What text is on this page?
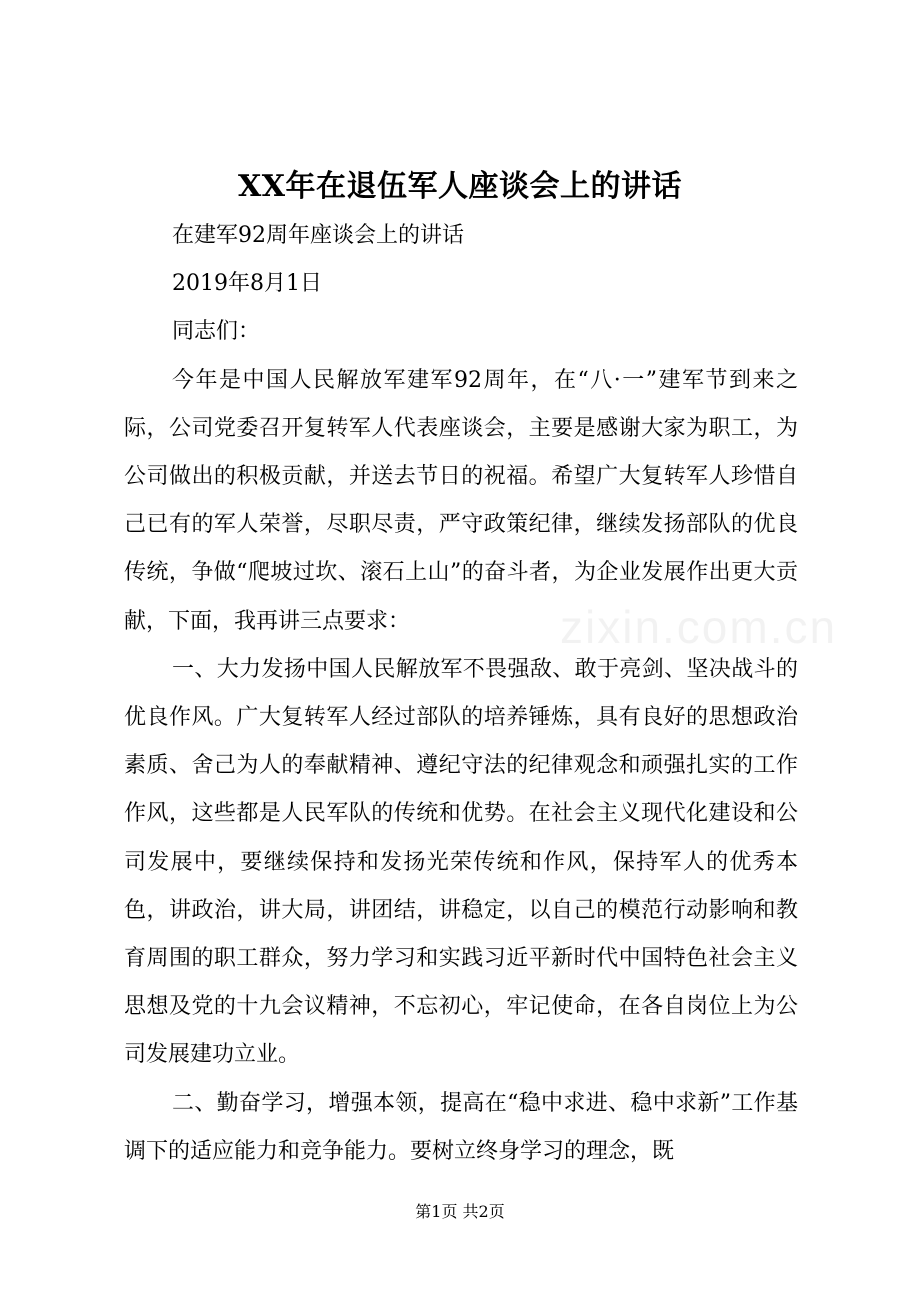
XX年在退伍军人座谈会上的讲话

在建军92周年座谈会上的讲话

2019年8月1日

同志们：

今年是中国人民解放军建军92周年，在“八·一”建军节到来之际，公司党委召开复转军人代表座谈会，主要是感谢大家为职工，为公司做出的积极贡献，并送去节日的祝福。希望广大复转军人珍惜自己已有的军人荣誉，尽职尽责，严守政策纪律，继续发扬部队的优良传统，争做“爬坡过坎、滚石上山”的奋斗者，为企业发展作出更大贡献，下面，我再讲三点要求：

一、大力发扬中国人民解放军不畏强敌、敢于亮剑、坚决战斗的优良作风。广大复转军人经过部队的培养锤炼，具有良好的思想政治素质、舍己为人的奉献精神、遵纪守法的纪律观念和顽强扎实的工作作风，这些都是人民军队的传统和优势。在社会主义现代化建设和公司发展中，要继续保持和发扬光荣传统和作风，保持军人的优秀本色，讲政治，讲大局，讲团结，讲稳定，以自己的模范行动影响和教育周围的职工群众，努力学习和实践习近平新时代中国特色社会主义思想及党的十九会议精神，不忘初心，牢记使命，在各自岗位上为公司发展建功立业。

二、勤奋学习，增强本领，提高在“稳中求进、稳中求新”工作基调下的适应能力和竞争能力。要树立终身学习的理念，既

zixin.com.cn
第1页 共2页
